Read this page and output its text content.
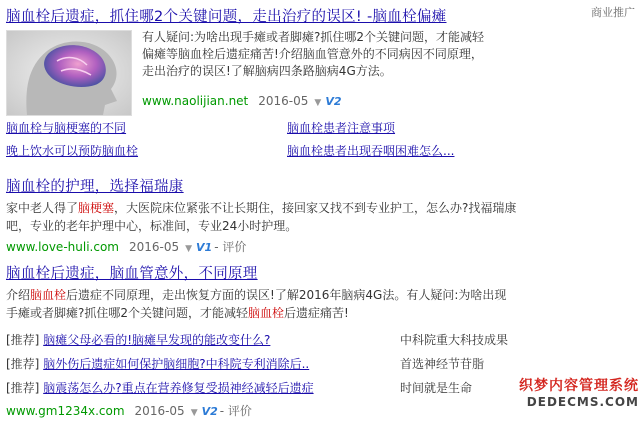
商业推广
脑血栓后遗症，抓住哪2个关键问题，走出治疗的误区! -脑血栓偏瘫
有人疑问:为啥出现手瘫或者脚瘫?抓住哪2个关键问题，才能减轻偏瘫等脑血栓后遗症痛苦!介绍脑血管意外的不同病因不同原理，走出治疗的误区!了解脑病四条路脑病4G方法。
www.naolijian.net 2016-05 ▼ V2
脑血栓与脑梗塞的不同	脑血栓患者注意事项
晚上饮水可以预防脑血栓	脑血栓患者出现吞咽困难怎么...
脑血栓的护理，选择福瑞康
家中老人得了脑梗塞，大医院床位紧张不让长期住，接回家又找不到专业护工，怎么办?找福瑞康吧，专业的老年护理中心，标准间，专业24小时护理。
www.love-huli.com 2016-05 ▼ V1 - 评价
脑血栓后遗症，脑血管意外，不同原理
介绍脑血栓后遗症不同原理，走出恢复方面的误区!了解2016年脑病4G法。有人疑问:为啥出现
手瘫或者脚瘫?抓住哪2个关键问题，才能减轻脑血栓后遗症痛苦!
[推荐] 脑瘫父母必看的!脑瘫早发现的能改变什么?	中科院重大科技成果
[推荐] 脑外伤后遗症如何保护脑细胞?中科院专利消除后..	首选神经节苷脂
[推荐] 脑震荡怎么办?重点在营养修复受损神经减轻后遗症	时间就是生命
www.gm1234x.com 2016-05 ▼ V2 - 评价
织梦内容管理系统
DEDECMS.COM
